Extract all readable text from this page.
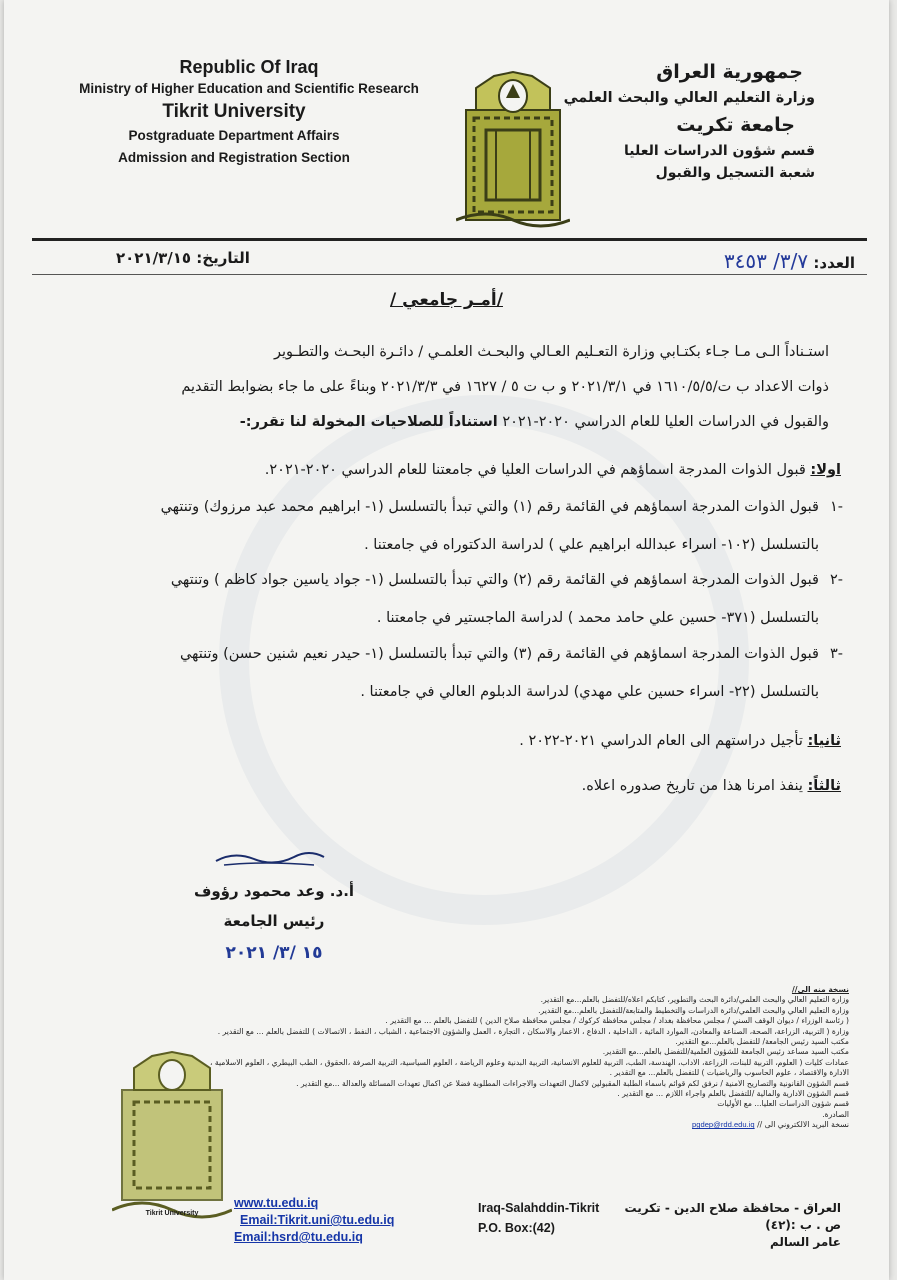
Republic Of Iraq
Ministry of Higher Education and Scientific Research
Tikrit University
Postgraduate Department Affairs
Admission and Registration Section
جمهورية العراق
وزارة التعليم العالي والبحث العلمي
جامعة تكريت
قسم شؤون الدراسات العليا
شعبة التسجيل والقبول
العدد: ٣/٧/ ٣٤٥٣
التاريخ: ٢٠٢١/٣/١٥
/أمـر جامعي /
استـناداً الـى مـا جـاء بكتـابي وزارة التعـليم العـالي والبحـث العلمـي / دائـرة البحـث والتطـوير
ذوات الاعداد ب ت/١٦١٠/٥/٥ في ٢٠٢١/٣/١ و ب ت ٥ / ١٦٢٧ في ٢٠٢١/٣/٣ وبناءً على ما جاء بضوابط التقديم
والقبول في الدراسات العليا للعام الدراسي ٢٠٢٠-٢٠٢١ استناداً للصلاحيات المخولة لنا تقرر:-
اولا: قبول الذوات المدرجة اسماؤهم في الدراسات العليا في جامعتنا للعام الدراسي ٢٠٢٠-٢٠٢١.
-١
قبول الذوات المدرجة اسماؤهم في القائمة رقم (١) والتي تبدأ بالتسلسل (١- ابراهيم محمد عبد مرزوك) وتنتهي
بالتسلسل (١٠٢- اسراء عبدالله ابراهيم علي ) لدراسة الدكتوراه في جامعتنا .
-٢
قبول الذوات المدرجة اسماؤهم في القائمة رقم (٢) والتي تبدأ بالتسلسل (١- جواد ياسين جواد كاظم ) وتنتهي
بالتسلسل (٣٧١- حسين علي حامد محمد ) لدراسة الماجستير في جامعتنا .
-٣
قبول الذوات المدرجة اسماؤهم في القائمة رقم (٣) والتي تبدأ بالتسلسل (١- حيدر نعيم شنين حسن) وتنتهي
بالتسلسل (٢٢- اسراء حسين علي مهدي) لدراسة الدبلوم العالي في جامعتنا .
ثانيا: تأجيل دراستهم الى العام الدراسي ٢٠٢١-٢٠٢٢ .
ثالثاً: ينفذ امرنا هذا من تاريخ صدوره اعلاه.
أ.د. وعد محمود رؤوف
رئيس الجامعة
١٥ /٣/ ٢٠٢١
نسخة منه الى//
وزارة التعليم العالي والبحث العلمي/دائرة البحث والتطوير، كتابكم اعلاه/للتفضل بالعلم...مع التقدير.
وزارة التعليم العالي والبحث العلمي/دائرة الدراسات والتخطيط والمتابعة/للتفضل بالعلم...مع التقدير.
( رئاسة الوزراء / ديوان الوقف السني / مجلس محافظة بغداد / مجلس محافظة كركوك / مجلس محافظة صلاح الدين ) للتفضل بالعلم ... مع التقدير .
وزارة ( التربية، الزراعة، الصحة، الصناعة والمعادن، الموارد المائية ، الداخلية ، الدفاع ، الاعمار والاسكان ، التجارة ، العمل والشؤون الاجتماعية ، الشباب ، النفط ، الاتصالات ) للتفضل بالعلم ... مع التقدير .
مكتب السيد رئيس الجامعة/ للتفضل بالعلم...مع التقدير.
مكتب السيد مساعد رئيس الجامعة للشؤون العلمية/للتفضل بالعلم...مع التقدير.
عمادات كليات ( العلوم، التربية للبنات، الزراعة، الاداب، الهندسة، الطب، التربية للعلوم الانسانية، التربية البدنية وعلوم الرياضة ، العلوم السياسية، التربية الصرفة ،الحقوق ، الطب البيطري ، العلوم الاسلامية ،
الادارة والاقتصاد ، علوم الحاسوب والرياضيات ) للتفضل بالعلم... مع التقدير .
قسم الشؤون القانونية والتصاريح الامنية / نرفق لكم قوائم باسماء الطلبة المقبولين لاكمال التعهدات والاجراءات المطلوبة فضلا عن اكمال تعهدات المسائلة والعدالة ...مع التقدير .
قسم الشؤون الادارية والمالية /للتفضل بالعلم واجراء اللازم ... مع التقدير .
قسم شؤون الدراسات العليا... مع الأوليات
الصادرة.
نسخة البريد الالكتروني الى // pgdep@rdd.edu.iq
Tikrit University
www.tu.edu.iq
Email:Tikrit.uni@tu.edu.iq
Email:hsrd@tu.edu.iq
Iraq-Salahddin-Tikrit
P.O. Box:(42)
العراق - محافظة صلاح الدين - تكريت
ص . ب :(٤٢)
عامر السالم
